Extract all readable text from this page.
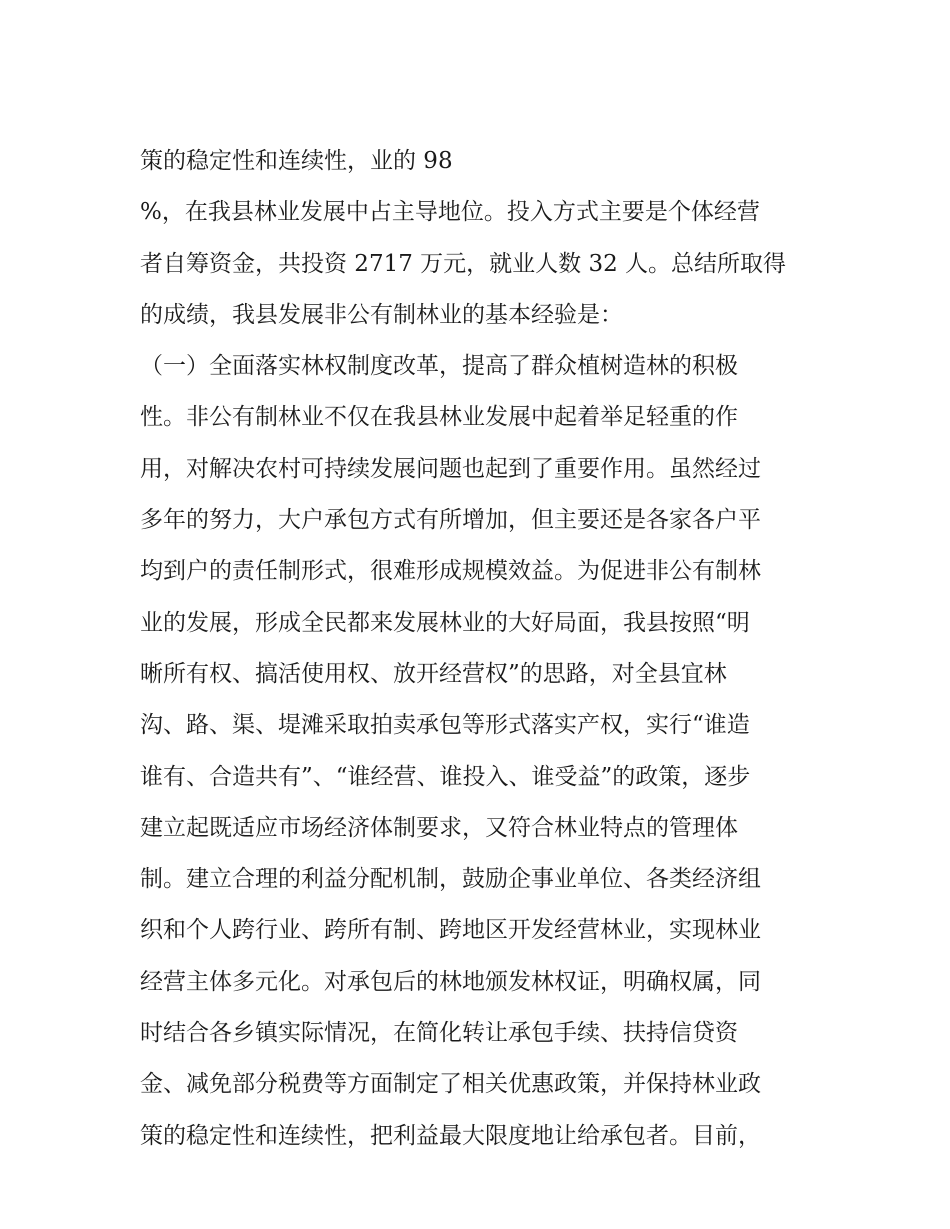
策的稳定性和连续性，业的 98
%，在我县林业发展中占主导地位。投入方式主要是个体经营
者自筹资金，共投资 2717 万元，就业人数 32 人。总结所取得
的成绩，我县发展非公有制林业的基本经验是：
（一）全面落实林权制度改革，提高了群众植树造林的积极
性。非公有制林业不仅在我县林业发展中起着举足轻重的作
用，对解决农村可持续发展问题也起到了重要作用。虽然经过
多年的努力，大户承包方式有所增加，但主要还是各家各户平
均到户的责任制形式，很难形成规模效益。为促进非公有制林
业的发展，形成全民都来发展林业的大好局面，我县按照“明
晰所有权、搞活使用权、放开经营权”的思路，对全县宜林
沟、路、渠、堤滩采取拍卖承包等形式落实产权，实行“谁造
谁有、合造共有”、“谁经营、谁投入、谁受益”的政策，逐步
建立起既适应市场经济体制要求，又符合林业特点的管理体
制。建立合理的利益分配机制，鼓励企事业单位、各类经济组
织和个人跨行业、跨所有制、跨地区开发经营林业，实现林业
经营主体多元化。对承包后的林地颁发林权证，明确权属，同
时结合各乡镇实际情况，在简化转让承包手续、扶持信贷资
金、减免部分税费等方面制定了相关优惠政策，并保持林业政
策的稳定性和连续性，把利益最大限度地让给承包者。目前，
